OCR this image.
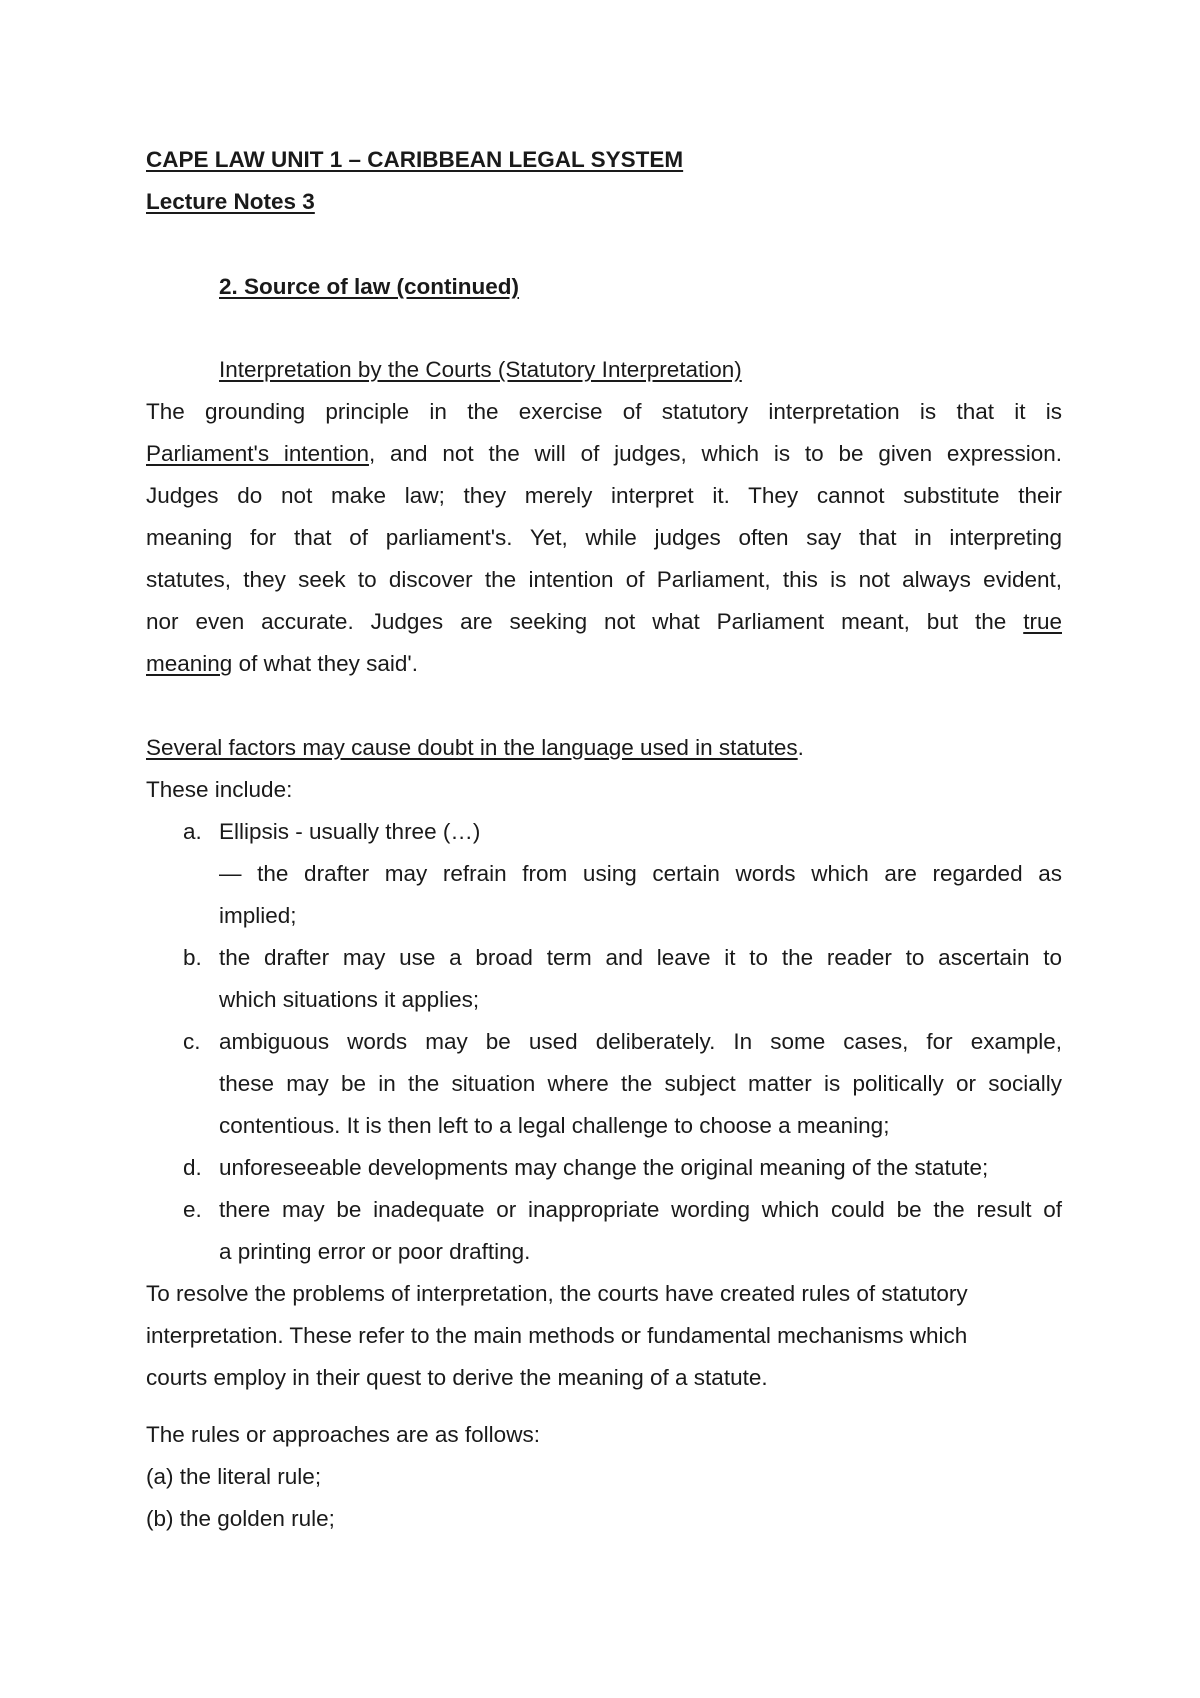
CAPE LAW UNIT 1 – CARIBBEAN LEGAL SYSTEM
Lecture Notes 3
2. Source of law (continued)
Interpretation by the Courts (Statutory Interpretation)
The grounding principle in the exercise of statutory interpretation is that it is
Parliament's intention, and not the will of judges, which is to be given expression.
Judges do not make law; they merely interpret it. They cannot substitute their
meaning for that of parliament's. Yet, while judges often say that in interpreting
statutes, they seek to discover the intention of Parliament, this is not always evident,
nor even accurate. Judges are seeking not what Parliament meant, but the true
meaning of what they said'.
Several factors may cause doubt in the language used in statutes.
These include:
a. Ellipsis - usually three (…)
— the drafter may refrain from using certain words which are regarded as
implied;
b. the drafter may use a broad term and leave it to the reader to ascertain to
which situations it applies;
c. ambiguous words may be used deliberately. In some cases, for example,
these may be in the situation where the subject matter is politically or socially
contentious. It is then left to a legal challenge to choose a meaning;
d. unforeseeable developments may change the original meaning of the statute;
e. there may be inadequate or inappropriate wording which could be the result of
a printing error or poor drafting.
To resolve the problems of interpretation, the courts have created rules of statutory
interpretation. These refer to the main methods or fundamental mechanisms which
courts employ in their quest to derive the meaning of a statute.
The rules or approaches are as follows:
(a) the literal rule;
(b) the golden rule;
